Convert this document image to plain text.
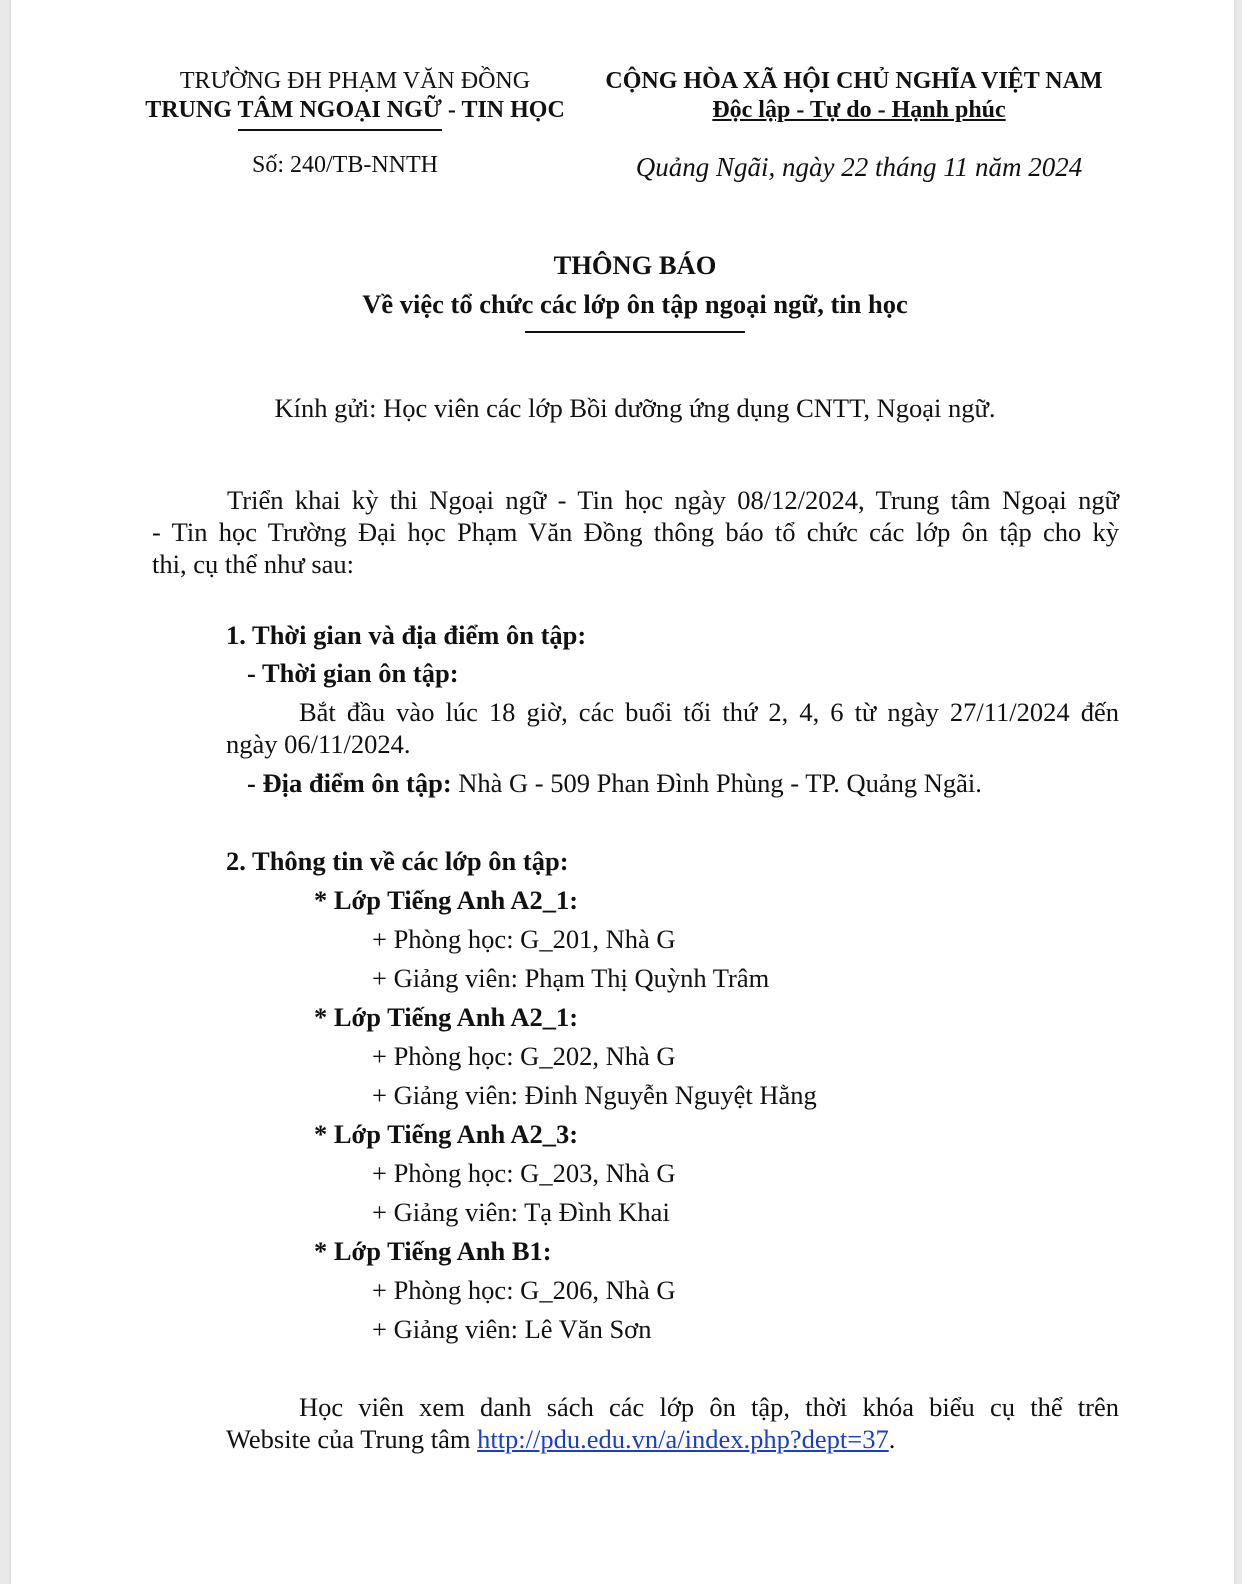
TRƯỜNG ĐH PHẠM VĂN ĐỒNG
TRUNG TÂM NGOẠI NGỮ - TIN HỌC
CỘNG HÒA XÃ HỘI CHỦ NGHĨA VIỆT NAM
Độc lập - Tự do - Hạnh phúc
Số: 240/TB-NNTH	Quảng Ngãi, ngày 22 tháng 11 năm 2024
THÔNG BÁO
Về việc tổ chức các lớp ôn tập ngoại ngữ, tin học
Kính gửi: Học viên các lớp Bồi dưỡng ứng dụng CNTT, Ngoại ngữ.
Triển khai kỳ thi Ngoại ngữ - Tin học ngày 08/12/2024, Trung tâm Ngoại ngữ
- Tin học Trường Đại học Phạm Văn Đồng thông báo tổ chức các lớp ôn tập cho kỳ
thi, cụ thể như sau:
1. Thời gian và địa điểm ôn tập:
- Thời gian ôn tập:
Bắt đầu vào lúc 18 giờ, các buổi tối thứ 2, 4, 6 từ ngày 27/11/2024 đến
ngày 06/11/2024.
- Địa điểm ôn tập: Nhà G - 509 Phan Đình Phùng - TP. Quảng Ngãi.
2. Thông tin về các lớp ôn tập:
* Lớp Tiếng Anh A2_1:
+ Phòng học: G_201, Nhà G
+ Giảng viên: Phạm Thị Quỳnh Trâm
* Lớp Tiếng Anh A2_1:
+ Phòng học: G_202, Nhà G
+ Giảng viên: Đinh Nguyễn Nguyệt Hằng
* Lớp Tiếng Anh A2_3:
+ Phòng học: G_203, Nhà G
+ Giảng viên: Tạ Đình Khai
* Lớp Tiếng Anh B1:
+ Phòng học: G_206, Nhà G
+ Giảng viên: Lê Văn Sơn
Học viên xem danh sách các lớp ôn tập, thời khóa biểu cụ thể trên
Website của Trung tâm http://pdu.edu.vn/a/index.php?dept=37.
